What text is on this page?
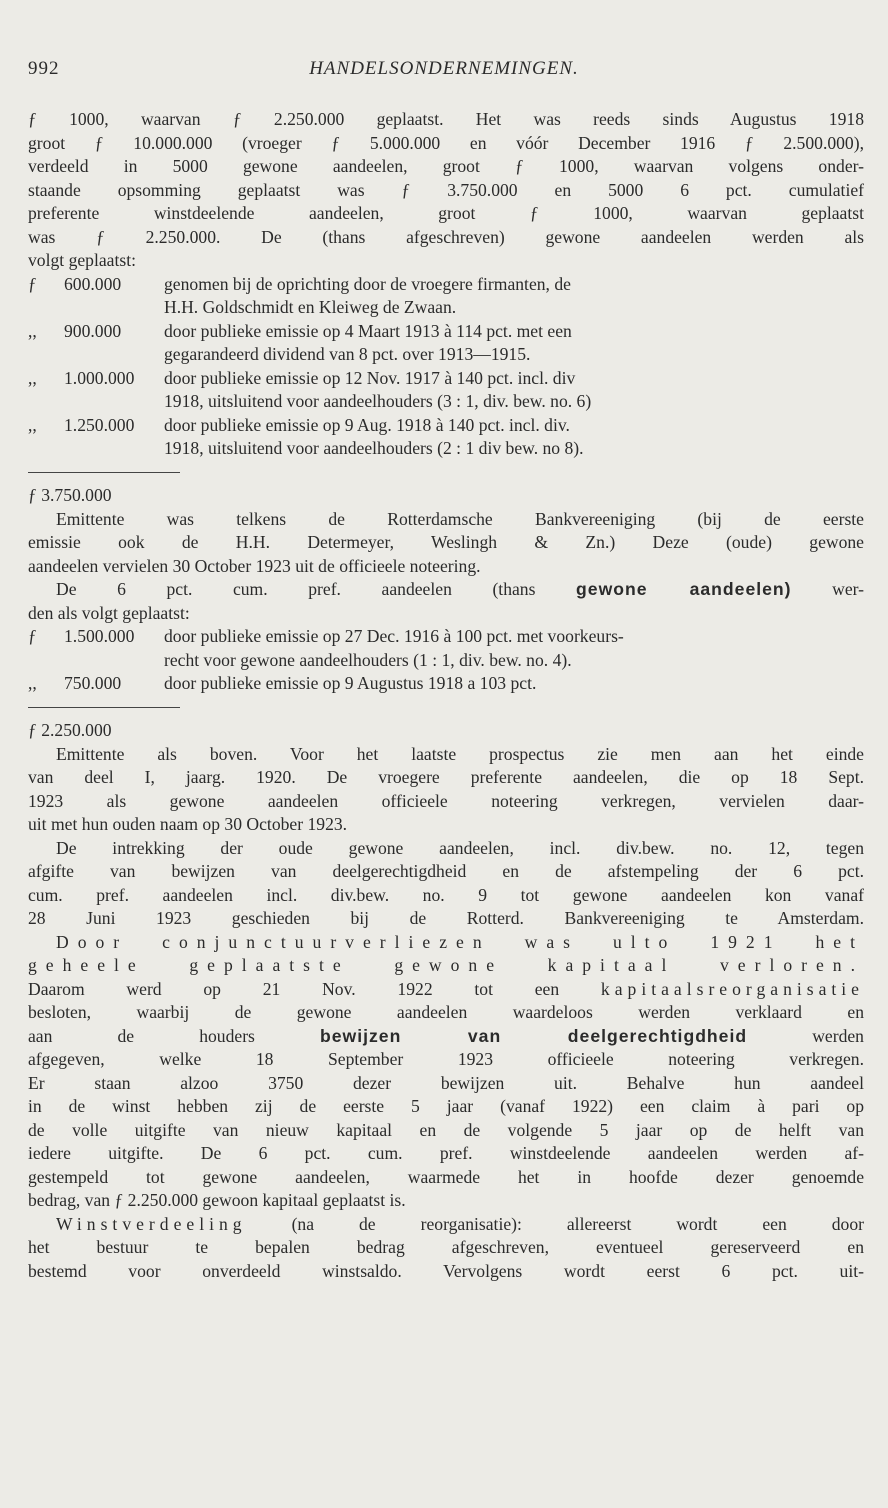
992	HANDELSONDERNEMINGEN.
ƒ 1000, waarvan ƒ 2.250.000 geplaatst. Het was reeds sinds Augustus 1918
groot ƒ 10.000.000 (vroeger ƒ 5.000.000 en vóór December 1916 ƒ 2.500.000),
verdeeld in 5000 gewone aandeelen, groot ƒ 1000, waarvan volgens onder-
staande opsomming geplaatst was ƒ 3.750.000 en 5000 6 pct. cumulatief
preferente winstdeelende aandeelen, groot ƒ 1000, waarvan geplaatst
was ƒ 2.250.000. De (thans afgeschreven) gewone aandeelen werden als
volgt geplaatst:
ƒ 600.000 genomen bij de oprichting door de vroegere firmanten, de
H.H. Goldschmidt en Kleiweg de Zwaan.
,, 900.000 door publieke emissie op 4 Maart 1913 à 114 pct. met een
gegarandeerd dividend van 8 pct. over 1913—1915.
,, 1.000.000 door publieke emissie op 12 Nov. 1917 à 140 pct. incl. div
1918, uitsluitend voor aandeelhouders (3 : 1, div. bew. no. 6)
,, 1.250.000 door publieke emissie op 9 Aug. 1918 à 140 pct. incl. div.
1918, uitsluitend voor aandeelhouders (2 : 1 div bew. no 8).
ƒ 3.750.000
Emittente was telkens de Rotterdamsche Bankvereeniging (bij de eerste
emissie ook de H.H. Determeyer, Weslingh & Zn.) Deze (oude) gewone
aandeelen vervielen 30 October 1923 uit de officieele noteering.
De 6 pct. cum. pref. aandeelen (thans gewone aandeelen) wer-
den als volgt geplaatst:
ƒ 1.500.000 door publieke emissie op 27 Dec. 1916 à 100 pct. met voorkeurs-
recht voor gewone aandeelhouders (1 : 1, div. bew. no. 4).
,, 750.000 door publieke emissie op 9 Augustus 1918 a 103 pct.
ƒ 2.250.000
Emittente als boven. Voor het laatste prospectus zie men aan het einde
van deel I, jaarg. 1920. De vroegere preferente aandeelen, die op 18 Sept.
1923 als gewone aandeelen officieele noteering verkregen, vervielen daar-
uit met hun ouden naam op 30 October 1923.
De intrekking der oude gewone aandeelen, incl. div.bew. no. 12, tegen
afgifte van bewijzen van deelgerechtigdheid en de afstempeling der 6 pct.
cum. pref. aandeelen incl. div.bew. no. 9 tot gewone aandeelen kon vanaf
28 Juni 1923 geschieden bij de Rotterd. Bankvereeniging te Amsterdam.
Door conjunctuurverliezen was ulto 1921 het
geheele geplaatste gewone kapitaal verloren.
Daarom werd op 21 Nov. 1922 tot een kapitaalsreorganisatie
besloten, waarbij de gewone aandeelen waardeloos werden verklaard en
aan de houders	bewijzen van deelgerechtigdheid	werden
afgegeven, welke 18 September 1923 officieele noteering verkregen.
Er staan alzoo 3750 dezer bewijzen uit. Behalve hun aandeel
in de winst hebben zij de eerste 5 jaar (vanaf 1922) een claim à pari op
de volle uitgifte van nieuw kapitaal en de volgende 5 jaar op de helft van
iedere uitgifte. De 6 pct. cum. pref. winstdeelende aandeelen werden af-
gestempeld tot gewone aandeelen, waarmede het in hoofde dezer genoemde
bedrag, van ƒ 2.250.000 gewoon kapitaal geplaatst is.
Winstverdeeling	(na de reorganisatie): allereerst wordt een door
het bestuur te bepalen bedrag afgeschreven, eventueel gereserveerd en
bestemd voor onverdeeld winstsaldo. Vervolgens wordt eerst 6 pct. uit-
